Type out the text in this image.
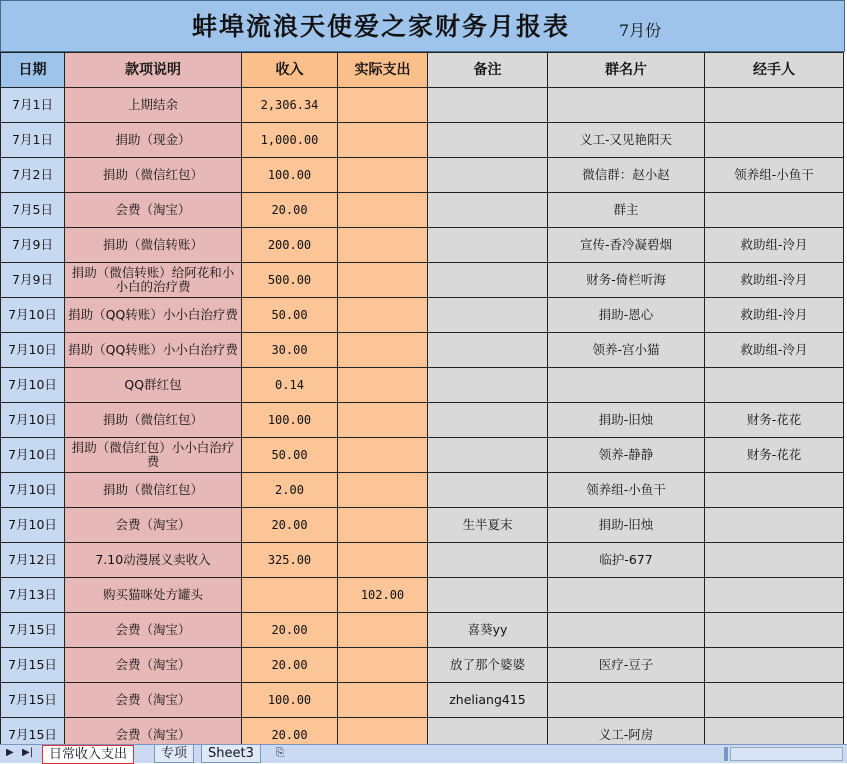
蚌埠流浪天使爱之家财务月报表	7月份
日期	款项说明	收入	实际支出	备注	群名片	经手人
7月1日	上期结余	2,306.34				
7月1日	捐助（现金）	1,000.00			义工-又见艳阳天	
7月2日	捐助（微信红包）	100.00			微信群：赵小赵	领养组-小鱼干
7月5日	会费（淘宝）	20.00			群主	
7月9日	捐助（微信转账）	200.00			宣传-香冷凝碧烟	救助组-泠月
7月9日	捐助（微信转账）给阿花和小小白的治疗费	500.00			财务-倚栏听海	救助组-泠月
7月10日	捐助（QQ转账）小小白治疗费	50.00			捐助-恩心	救助组-泠月
7月10日	捐助（QQ转账）小小白治疗费	30.00			领养-宫小猫	救助组-泠月
7月10日	QQ群红包	0.14				
7月10日	捐助（微信红包）	100.00			捐助-旧烛	财务-花花
7月10日	捐助（微信红包）小小白治疗费	50.00			领养-静静	财务-花花
7月10日	捐助（微信红包）	2.00			领养组-小鱼干	
7月10日	会费（淘宝）	20.00		生半夏末	捐助-旧烛	
7月12日	7.10动漫展义卖收入	325.00			临护-677	
7月13日	购买猫咪处方罐头		102.00			
7月15日	会费（淘宝）	20.00		喜葵yy		
7月15日	会费（淘宝）	20.00		放了那个婆婆	医疗-豆子	
7月15日	会费（淘宝）	100.00		zheliang415		
7月15日	会费（淘宝）	20.00			义工-阿房	
▶ ▶|	日常收入支出	专项	Sheet3	⎘
